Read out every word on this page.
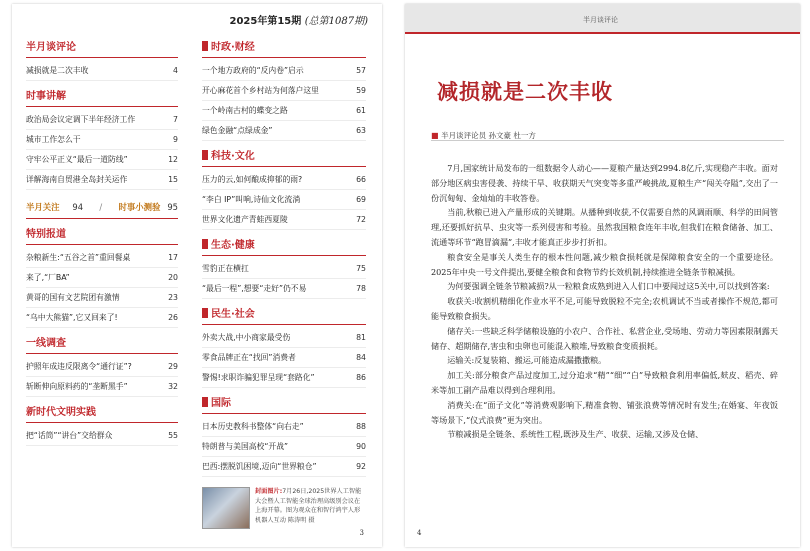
2025年第15期 (总第1087期)
半月谈评论
减损就是二次丰收	4
时事讲解
政治局会议定调下半年经济工作	7
城市工作怎么干	9
守牢公平正义“最后一道防线”	12
详解海南自贸港全岛封关运作	15
半月关注 94 / 时事小测验 95
特别报道
杂粮新生:“五谷之首”重回餐桌	17
来了,“厂BA”	20
黄哥的国有文艺院团有激情	23
“乌中大熊猫”,它又回来了!	26
一线调查
护照年成违反限离令“通行证”?	29
斩断伸向原料药的“垄断黑手”	32
新时代文明实践
把“话筒”“讲台”交给群众	55
时政·财经
一个地方政府的“反内卷”启示	57
开心麻花首个乡村站为何落户这里	59
一个岭南古村的蝶变之路	61
绿色金融“点绿成金”	63
科技·文化
压力的云,如何酿成抑郁的雨?	66
“李白 IP”叫响,诗仙文化流淌	69
世界文化遗产青蛙西夏陵	72
生态·健康
雪豹正在横扛	75
“最后一程”,想要“走好”仍不易	78
民生·社会
外卖大战,中小商家最受伤	81
零食品牌正在“找回”消费者	84
警惕!求职诈骗犯罪呈现“套路化”	86
国际
日本历史教科书整体“向右走”	88
特朗普与美国高校“开战”	90
巴西:摆脱饥困境,迈向“世界粮仓”	92
封面图片:7月26日,2025世界人工智能大会暨人工智能全球治理高级别会议在上海开幕。图为观众在和智行鸿宇人形机器人互动 陈涛明 摄
3
半月谈评论
减损就是二次丰收
■ 半月谈评论员 孙文豪 杜一方

7月,国家统计局发布的一组数据令人动心——夏粮产量达到2994.8亿斤,实现稳产丰收。面对部分地区病虫害侵袭、持续干旱、收获期天气突变等多重严峻挑战,夏粮生产“闯关夺隘”,交出了一份沉甸甸、金灿灿的丰收答卷。

当前,秋粮已进入产量形成的关键期。从播种到收获,不仅需要自然的风调雨顺、科学的田间管理,还要抓好抗旱、虫灾等一系列侵害和考验。虽然我国粮食连年丰收,但我们在粮食储备、加工、流通等环节“跑冒滴漏”,丰收才能真正步步打折扣。

粮食安全是事关人类生存的根本性问题,减少粮食损耗就是保障粮食安全的一个重要途径。2025年中央一号文件提出,要健全粮食和食物节约长效机制,持续推进全链条节粮减损。

为何要强调全链条节粮减损?从一粒粮食成熟到进入人们口中要闯过这5关中,可以找到答案:

收获关:收割机精细化作业水平不足,可能导致脱粒不完全;农机调试不当或者操作不规范,都可能导致粮食损失。

储存关:一些缺乏科学储粮设施的小农户、合作社、私营企业,受场地、劳动力等因素限制露天储存、超期储存,害虫和虫卵也可能混入粮堆,导致粮食变质损耗。

运输关:反复装箱、搬运,可能造成漏撒撒粮。

加工关:部分粮食产品过度加工,过分追求“精”“细”“白”导致粮食利用率偏低,麸皮、稻壳、碎米等加工副产品难以得到合理利用。

消费关:在“面子文化”等消费观影响下,精准食物、铺张浪费等情况时有发生;在婚宴、年夜饭等场景下,“仪式浪费”更为突出。

节粮减损是全链条、系统性工程,既涉及生产、收获、运输,又涉及仓储、

4
